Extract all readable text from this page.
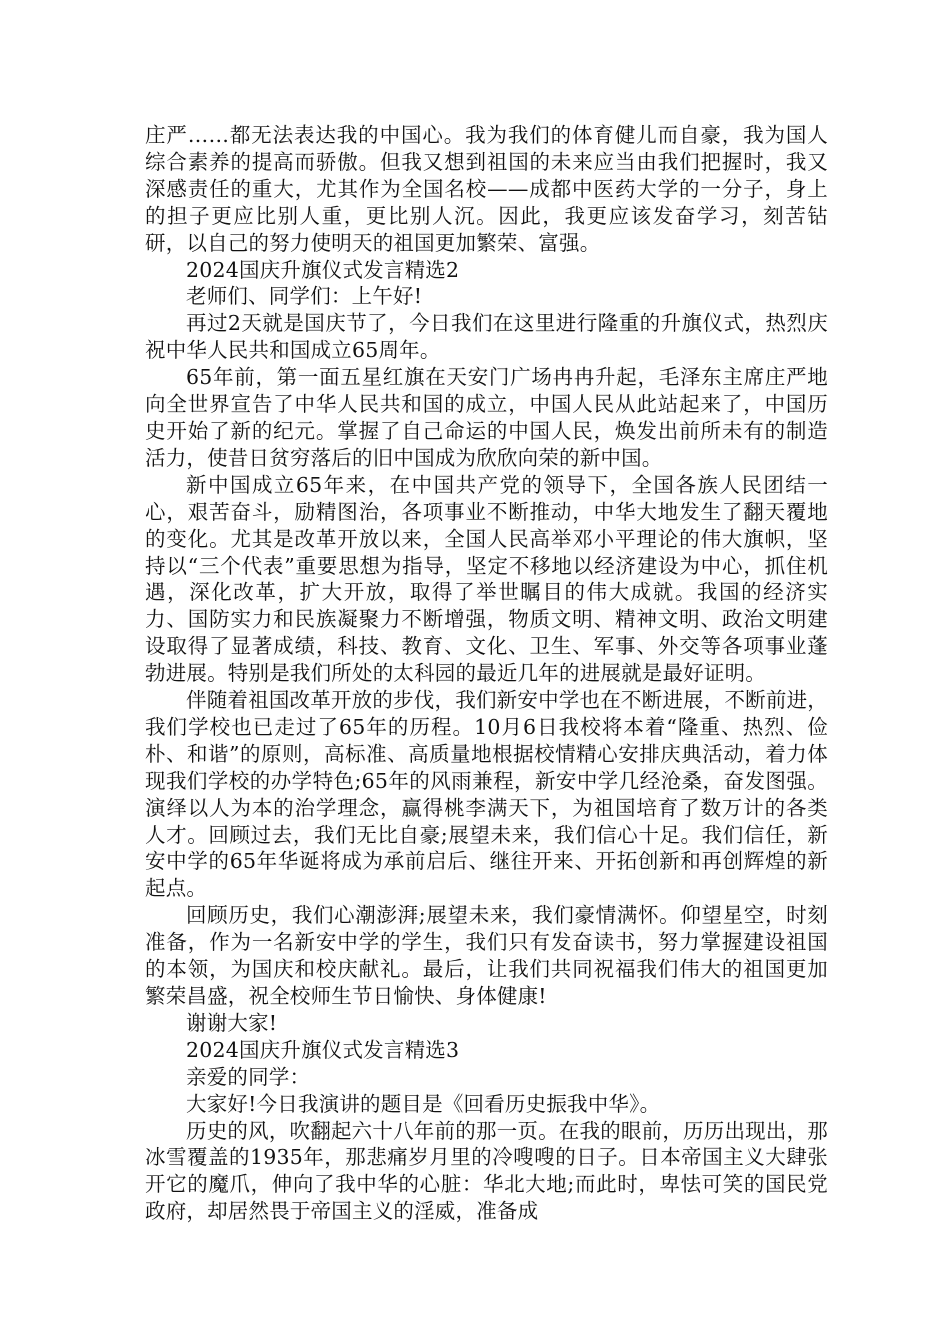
庄严……都无法表达我的中国心。我为我们的体育健儿而自豪，我为国人综合素养的提高而骄傲。但我又想到祖国的未来应当由我们把握时，我又深感责任的重大，尤其作为全国名校——成都中医药大学的一分子，身上的担子更应比别人重，更比别人沉。因此，我更应该发奋学习，刻苦钻研，以自己的努力使明天的祖国更加繁荣、富强。

2024国庆升旗仪式发言精选2

老师们、同学们：上午好!

再过2天就是国庆节了，今日我们在这里进行隆重的升旗仪式，热烈庆祝中华人民共和国成立65周年。

65年前，第一面五星红旗在天安门广场冉冉升起，毛泽东主席庄严地向全世界宣告了中华人民共和国的成立，中国人民从此站起来了，中国历史开始了新的纪元。掌握了自己命运的中国人民，焕发出前所未有的制造活力，使昔日贫穷落后的旧中国成为欣欣向荣的新中国。

新中国成立65年来，在中国共产党的领导下，全国各族人民团结一心，艰苦奋斗，励精图治，各项事业不断推动，中华大地发生了翻天覆地的变化。尤其是改革开放以来，全国人民高举邓小平理论的伟大旗帜，坚持以“三个代表”重要思想为指导，坚定不移地以经济建设为中心，抓住机遇，深化改革，扩大开放，取得了举世瞩目的伟大成就。我国的经济实力、国防实力和民族凝聚力不断增强，物质文明、精神文明、政治文明建设取得了显著成绩，科技、教育、文化、卫生、军事、外交等各项事业蓬勃进展。特别是我们所处的太科园的最近几年的进展就是最好证明。

伴随着祖国改革开放的步伐，我们新安中学也在不断进展，不断前进，我们学校也已走过了65年的历程。10月6日我校将本着“隆重、热烈、俭朴、和谐”的原则，高标准、高质量地根据校情精心安排庆典活动，着力体现我们学校的办学特色;65年的风雨兼程，新安中学几经沧桑，奋发图强。演绎以人为本的治学理念，赢得桃李满天下，为祖国培育了数万计的各类人才。回顾过去，我们无比自豪;展望未来，我们信心十足。我们信任，新安中学的65年华诞将成为承前启后、继往开来、开拓创新和再创辉煌的新起点。

回顾历史，我们心潮澎湃;展望未来，我们豪情满怀。仰望星空，时刻准备，作为一名新安中学的学生，我们只有发奋读书，努力掌握建设祖国的本领，为国庆和校庆献礼。最后，让我们共同祝福我们伟大的祖国更加繁荣昌盛，祝全校师生节日愉快、身体健康!

谢谢大家!

2024国庆升旗仪式发言精选3

亲爱的同学：

大家好!今日我演讲的题目是《回看历史振我中华》。

历史的风，吹翻起六十八年前的那一页。在我的眼前，历历出现出，那冰雪覆盖的1935年，那悲痛岁月里的冷嗖嗖的日子。日本帝国主义大肆张开它的魔爪，伸向了我中华的心脏：华北大地;而此时，卑怯可笑的国民党政府，却居然畏于帝国主义的淫威，准备成
